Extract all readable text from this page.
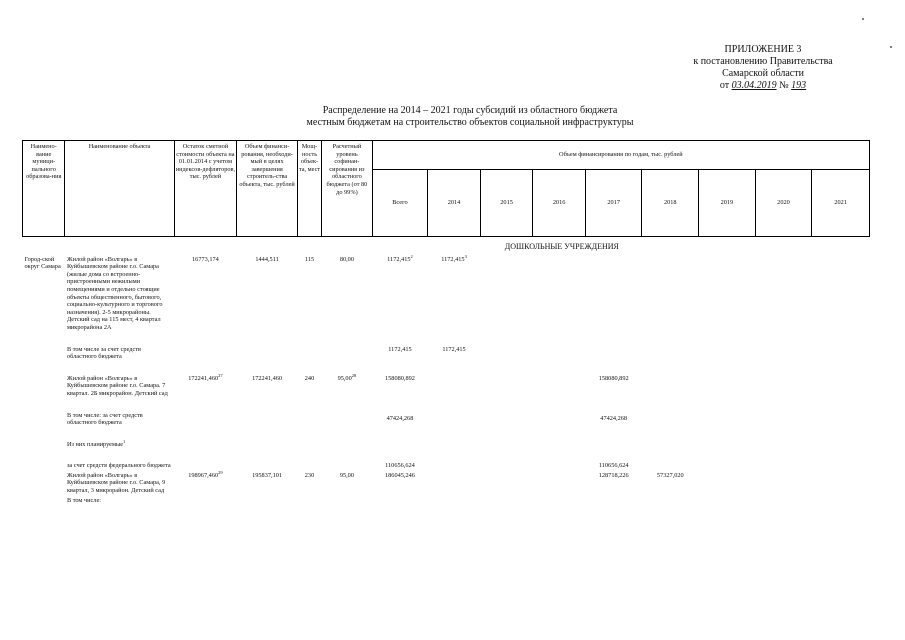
ПРИЛОЖЕНИЕ 3
к постановлению Правительства
Самарской области
от 03.04.2019 № 193
Распределение на 2014 – 2021 годы субсидий из областного бюджета
местным бюджетам на строительство объектов социальной инфраструктуры
Наимено-вание муници-пального образова-ния	Наименование объекта	Остаток сметной стоимости объекта на 01.01.2014 с учетом индексов-дефляторов, тыс. рублей	Объем финанси-рования, необходи-мый в целях завершения строитель-ства объекта, тыс. рублей	Мощ-ность объек-та, мест	Расчетный уровень софинан-сирования из областного бюджета (от 80 до 99%)	Объем финансирования по годам, тыс. рублей								
						Всего	2014	2015	2016	2017	2018	2019	2020	2021
						ДОШКОЛЬНЫЕ УЧРЕЖДЕНИЯ								
Город-ской округ Самара	Жилой район «Волгарь» в Куйбышевском районе г.о. Самара (жилые дома со встроенно-пристроенными нежилыми помещениями и отдельно стоящие объекты общественного, бытового, социально-культурного и торгового назначения). 2-5 микрорайоны. Детский сад на 115 мест, 4 квартал микрорайона 2А	16773,174	1444,511	115	80,00	1172,415$^2$	1172,415$^3$							

	В том числе за счет средств областного бюджета					1172,415	1172,415							

	Жилой район «Волгарь» в Куйбышевском районе г.о. Самара. 7 квартал. 2Б микрорайон. Детский сад	172241,460$^{27}$	172241,460	240	95,00$^{28}$	158080,892				158080,892				

	В том числе: за счет средств областного бюджета					47424,268				47424,268				

	Из них планируемые$^1$													

	за счет средств федерального бюджета					110656,624				110656,624				
	Жилой район «Волгарь» в Куйбышевском районе г.о. Самара, 9 квартал, 3 микрорайон. Детский сад	198967,460$^{29}$	195837,101	230	95,00	186045,246				128718,226	57327,020			
	В том числе:													
